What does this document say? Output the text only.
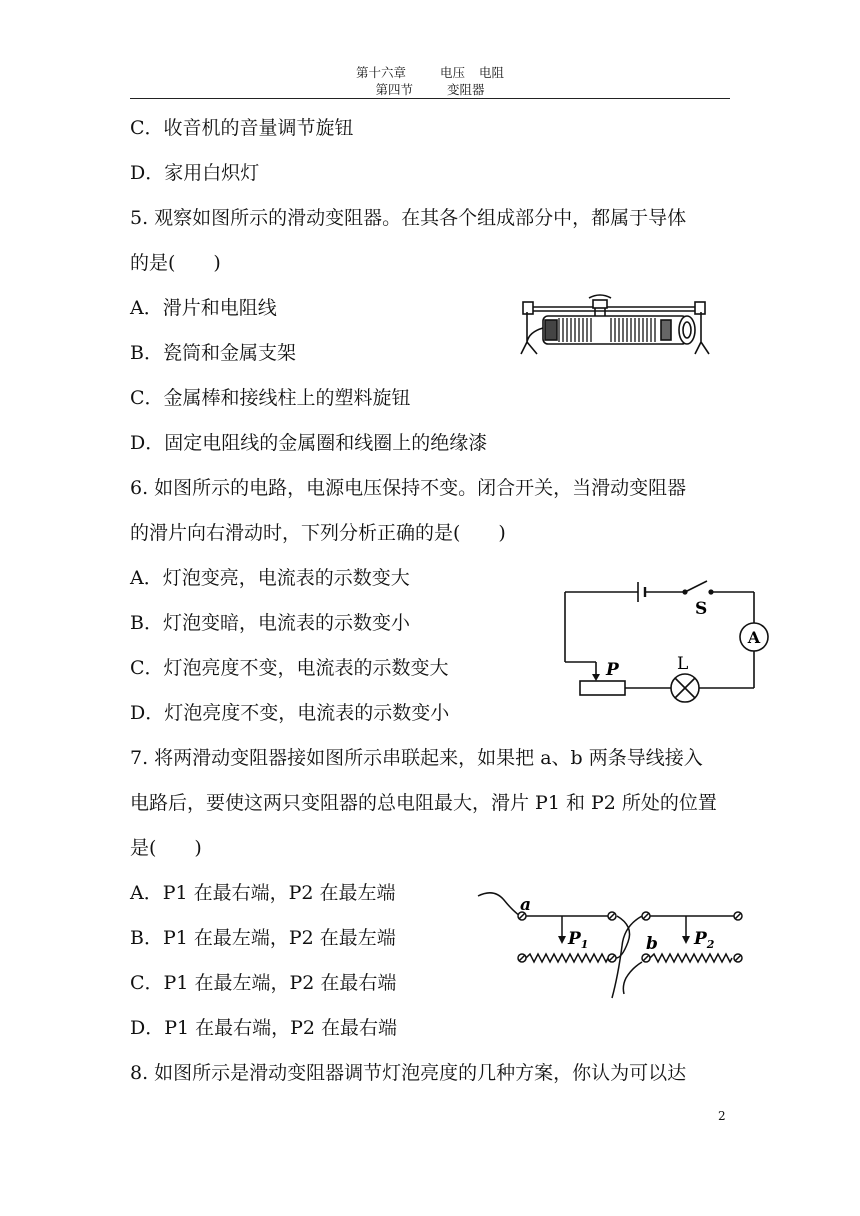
第十六章	电压 电阻
第四节	变阻器
C．收音机的音量调节旋钮
D．家用白炽灯
5. 观察如图所示的滑动变阻器。在其各个组成部分中，都属于导体
的是(　　)
A．滑片和电阻线
B．瓷筒和金属支架
C．金属棒和接线柱上的塑料旋钮
D．固定电阻线的金属圈和线圈上的绝缘漆
6. 如图所示的电路，电源电压保持不变。闭合开关，当滑动变阻器
的滑片向右滑动时，下列分析正确的是(　　)
A．灯泡变亮，电流表的示数变大
B．灯泡变暗，电流表的示数变小
C．灯泡亮度不变，电流表的示数变大
D．灯泡亮度不变，电流表的示数变小
7. 将两滑动变阻器接如图所示串联起来，如果把 a、b 两条导线接入
电路后，要使这两只变阻器的总电阻最大，滑片 P1 和 P2 所处的位置
是(　　)
A．P1 在最右端，P2 在最左端
B．P1 在最左端，P2 在最左端
C．P1 在最左端，P2 在最右端
D．P1 在最右端，P2 在最右端
8. 如图所示是滑动变阻器调节灯泡亮度的几种方案，你认为可以达
S
A
P	L
a
b
$P_1$	$P_2$
2
